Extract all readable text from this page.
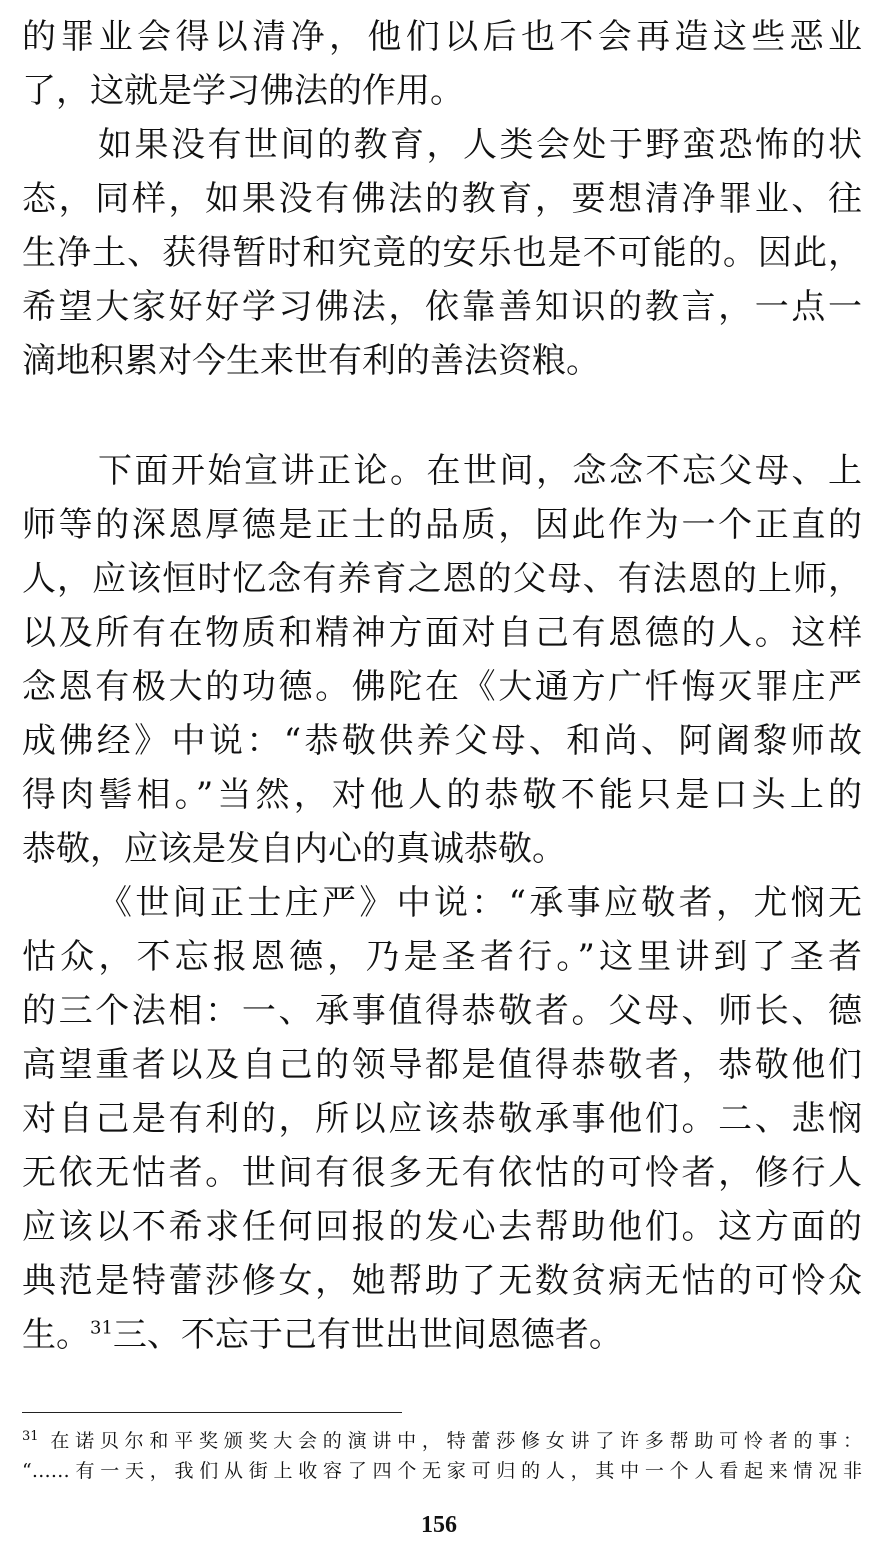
的罪业会得以清净，他们以后也不会再造这些恶业
了，这就是学习佛法的作用。
如果没有世间的教育，人类会处于野蛮恐怖的状
态，同样，如果没有佛法的教育，要想清净罪业、往
生净土、获得暂时和究竟的安乐也是不可能的。因此，
希望大家好好学习佛法，依靠善知识的教言，一点一
滴地积累对今生来世有利的善法资粮。
下面开始宣讲正论。在世间，念念不忘父母、上
师等的深恩厚德是正士的品质，因此作为一个正直的
人，应该恒时忆念有养育之恩的父母、有法恩的上师，
以及所有在物质和精神方面对自己有恩德的人。这样
念恩有极大的功德。佛陀在《大通方广忏悔灭罪庄严
成佛经》中说：“恭敬供养父母、和尚、阿阇黎师故
得肉髻相。”当然，对他人的恭敬不能只是口头上的
恭敬，应该是发自内心的真诚恭敬。
《世间正士庄严》中说：“承事应敬者，尤悯无
怙众，不忘报恩德，乃是圣者行。”这里讲到了圣者
的三个法相：一、承事值得恭敬者。父母、师长、德
高望重者以及自己的领导都是值得恭敬者，恭敬他们
对自己是有利的，所以应该恭敬承事他们。二、悲悯
无依无怙者。世间有很多无有依怙的可怜者，修行人
应该以不希求任何回报的发心去帮助他们。这方面的
典范是特蕾莎修女，她帮助了无数贫病无怙的可怜众
生。$^{31}$三、不忘于己有世出世间恩德者。
$^{31}$ 在诺贝尔和平奖颁奖大会的演讲中，特蕾莎修女讲了许多帮助可怜者的事：
“……有一天，我们从街上收容了四个无家可归的人，其中一个人看起来情况非
156
